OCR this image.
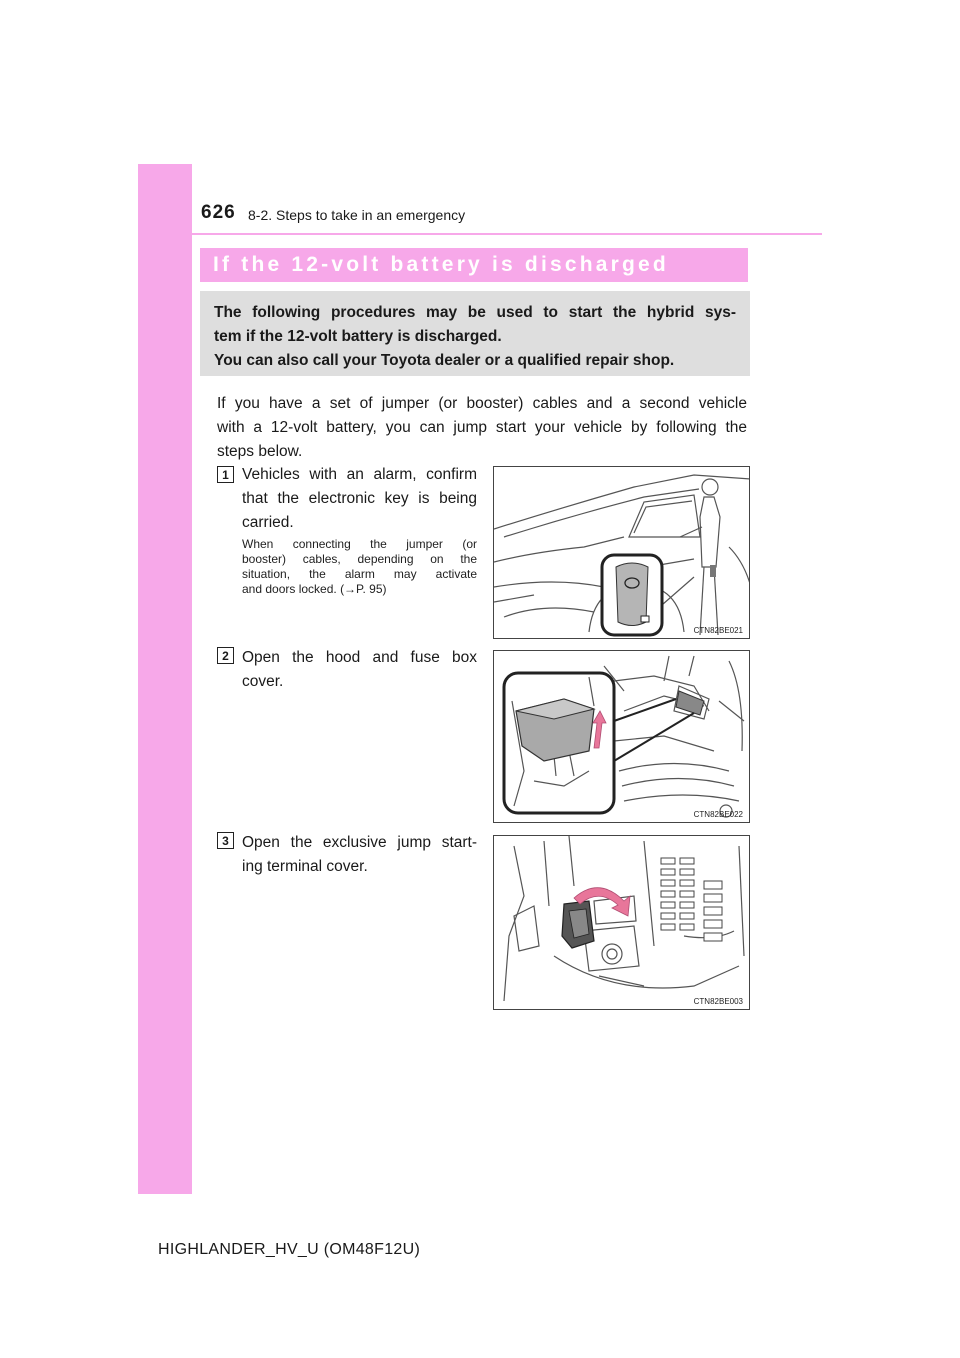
626 8-2. Steps to take in an emergency
If the 12-volt battery is discharged
The following procedures may be used to start the hybrid sys-
tem if the 12-volt battery is discharged.
You can also call your Toyota dealer or a qualified repair shop.
If you have a set of jumper (or booster) cables and a second vehicle
with a 12-volt battery, you can jump start your vehicle by following the
steps below.
1 Vehicles with an alarm, confirm
that the electronic key is being
carried.
When connecting the jumper (or
booster) cables, depending on the
situation, the alarm may activate
and doors locked. (→P. 95)
CTN82BE021
2 Open the hood and fuse box
cover.
CTN82BE022
3 Open the exclusive jump start-
ing terminal cover.
CTN82BE003
HIGHLANDER_HV_U (OM48F12U)
